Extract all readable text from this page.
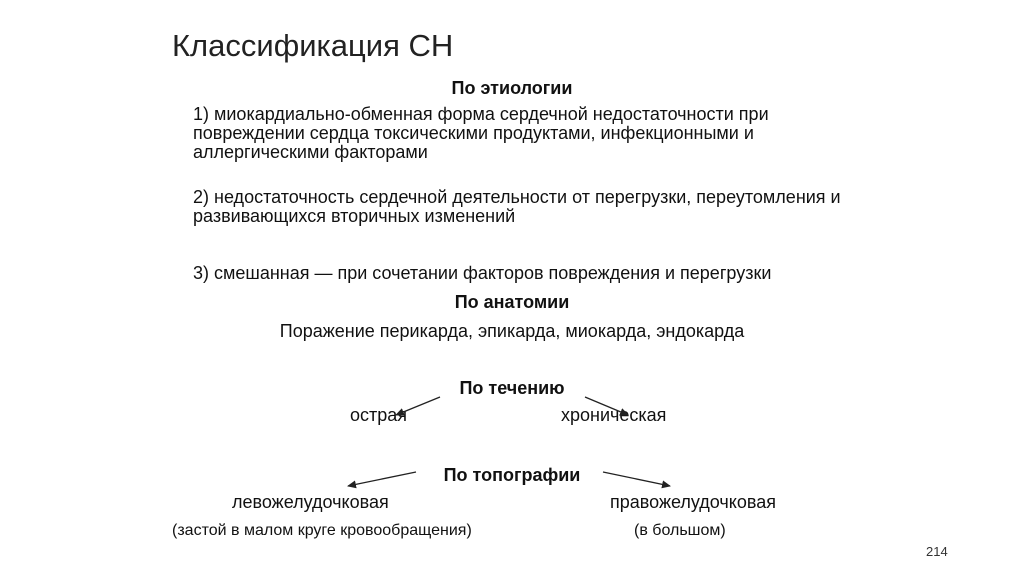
Классификация СН
По этиологии
1) миокардиально-обменная форма сердечной недостаточности при повреждении сердца токсическими продуктами, инфекционными и аллергическими факторами
2) недостаточность сердечной деятельности от перегрузки, переутомления и развивающихся вторичных изменений
3) смешанная — при сочетании факторов повреждения и перегрузки
По анатомии
Поражение перикарда, эпикарда, миокарда, эндокарда
По течению
острая	хроническая
По топографии
левожелудочковая	правожелудочковая
(застой в малом круге кровообращения)	(в большом)
214
